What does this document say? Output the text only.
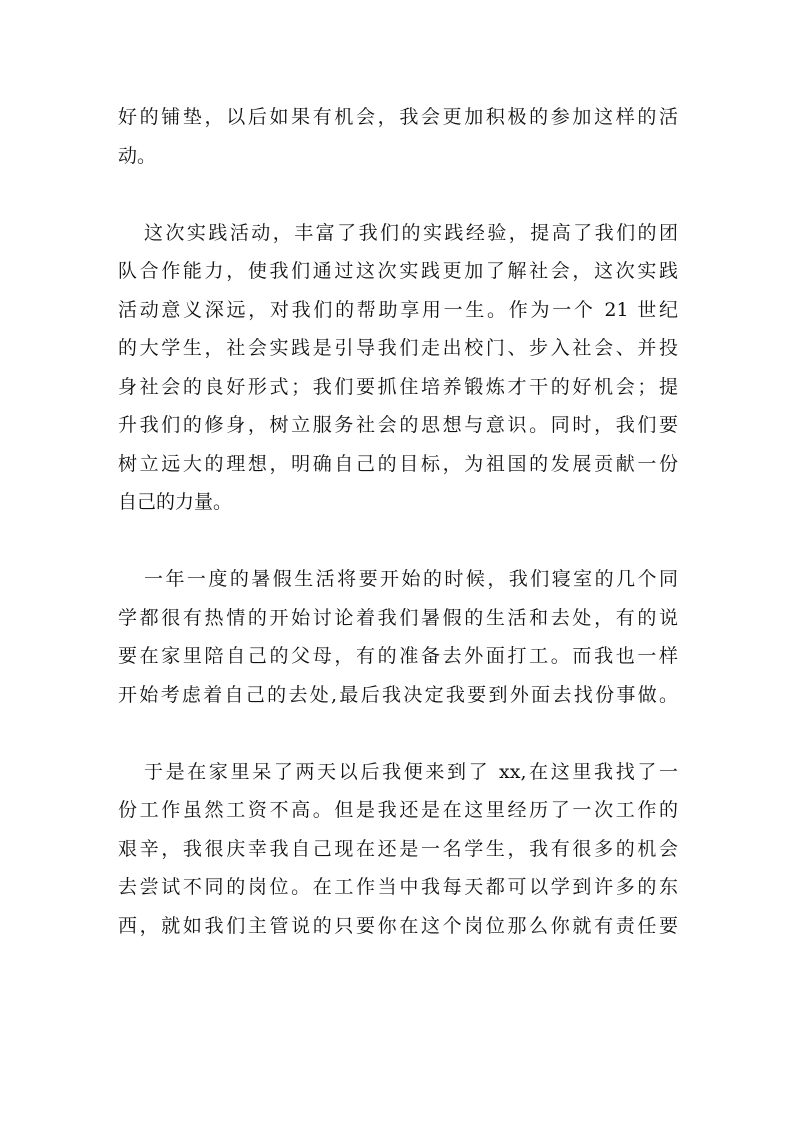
好的铺垫，以后如果有机会，我会更加积极的参加这样的活
动。
这次实践活动，丰富了我们的实践经验，提高了我们的团
队合作能力，使我们通过这次实践更加了解社会，这次实践
活动意义深远，对我们的帮助享用一生。作为一个 21 世纪
的大学生，社会实践是引导我们走出校门、步入社会、并投
身社会的良好形式；我们要抓住培养锻炼才干的好机会；提
升我们的修身，树立服务社会的思想与意识。同时，我们要
树立远大的理想，明确自己的目标，为祖国的发展贡献一份
自己的力量。
一年一度的暑假生活将要开始的时候，我们寝室的几个同
学都很有热情的开始讨论着我们暑假的生活和去处，有的说
要在家里陪自己的父母，有的准备去外面打工。而我也一样
开始考虑着自己的去处,最后我决定我要到外面去找份事做。
于是在家里呆了两天以后我便来到了 xx,在这里我找了一
份工作虽然工资不高。但是我还是在这里经历了一次工作的
艰辛，我很庆幸我自己现在还是一名学生，我有很多的机会
去尝试不同的岗位。在工作当中我每天都可以学到许多的东
西，就如我们主管说的只要你在这个岗位那么你就有责任要
